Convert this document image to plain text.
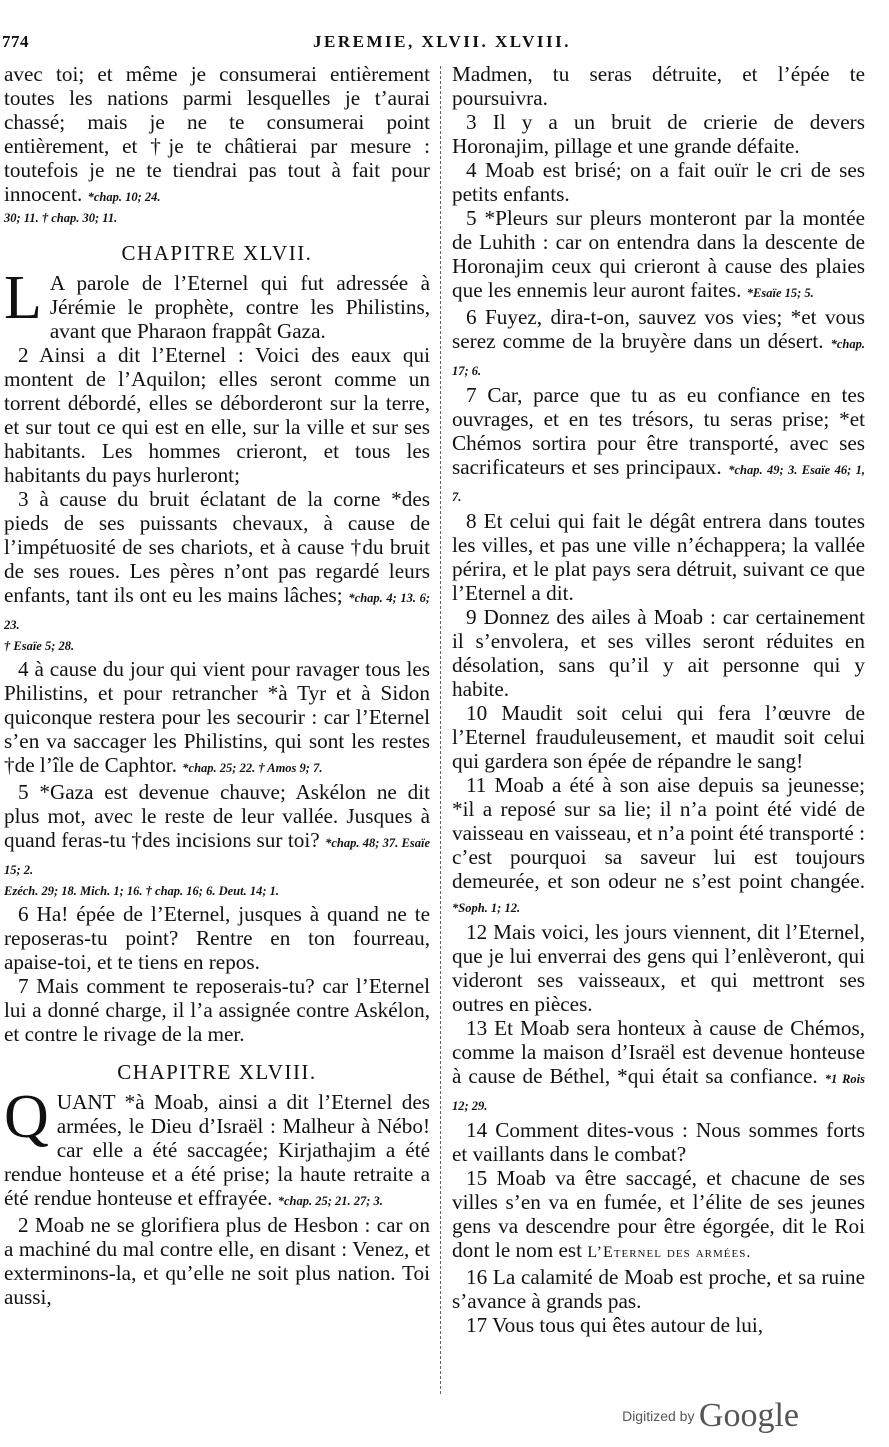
774	JEREMIE, XLVII. XLVIII.

avec toi; et même je consumerai entièrement toutes les nations parmi lesquelles je t’aurai chassé; mais je ne te consumerai point entièrement, et †je te châtierai par mesure : toutefois je ne te tiendrai pas tout à fait pour innocent. *chap. 10; 24.

30; 11. † chap. 30; 11.
CHAPITRE XLVII.

L A parole de l’Eternel qui fut adressée à Jérémie le prophète, contre les Philistins, avant que Pharaon frappât Gaza.

2 Ainsi a dit l’Eternel : Voici des eaux qui montent de l’Aquilon; elles seront comme un torrent débordé, elles se déborderont sur la terre, et sur tout ce qui est en elle, sur la ville et sur ses habitants. Les hommes crieront, et tous les habitants du pays hurleront;

3 à cause du bruit éclatant de la corne *des pieds de ses puissants chevaux, à cause de l’impétuosité de ses chariots, et à cause †du bruit de ses roues. Les pères n’ont pas regardé leurs enfants, tant ils ont eu les mains lâches; *chap. 4; 13. 6; 23.

† Esaïe 5; 28.

4 à cause du jour qui vient pour ravager tous les Philistins, et pour retrancher *à Tyr et à Sidon quiconque restera pour les secourir : car l’Eternel s’en va saccager les Philistins, qui sont les restes †de l’île de Caphtor. *chap. 25; 22. † Amos 9; 7.

5 *Gaza est devenue chauve; Askélon ne dit plus mot, avec le reste de leur vallée. Jusques à quand feras-tu †des incisions sur toi? *chap. 48; 37. Esaïe 15; 2.

Ezéch. 29; 18. Mich. 1; 16. † chap. 16; 6. Deut. 14; 1.

6 Ha! épée de l’Eternel, jusques à quand ne te reposeras-tu point? Rentre en ton fourreau, apaise-toi, et te tiens en repos.

7 Mais comment te reposerais-tu? car l’Eternel lui a donné charge, il l’a assignée contre Askélon, et contre le rivage de la mer.

CHAPITRE XLVIII.

QUANT *à Moab, ainsi a dit l’Eternel des armées, le Dieu d’Israël : Malheur à Nébo! car elle a été saccagée; Kirjathajim a été rendue honteuse et a été prise; la haute retraite a été rendue honteuse et effrayée. *chap. 25; 21. 27; 3.

2 Moab ne se glorifiera plus de Hesbon : car on a machiné du mal contre elle, en disant : Venez, et exterminons-la, et qu’elle ne soit plus nation. Toi aussi,

Madmen, tu seras détruite, et l’épée te poursuivra.

3 Il y a un bruit de crierie de devers Horonajim, pillage et une grande défaite.

4 Moab est brisé; on a fait ouïr le cri de ses petits enfants.

5 *Pleurs sur pleurs monteront par la montée de Luhith : car on entendra dans la descente de Horonajim ceux qui crieront à cause des plaies que les ennemis leur auront faites. *Esaïe 15; 5.

6 Fuyez, dira-t-on, sauvez vos vies; *et vous serez comme de la bruyère dans un désert. *chap. 17; 6.

7 Car, parce que tu as eu confiance en tes ouvrages, et en tes trésors, tu seras prise; *et Chémos sortira pour être transporté, avec ses sacrificateurs et ses principaux. *chap. 49; 3. Esaïe 46; 1, 7.

8 Et celui qui fait le dégât entrera dans toutes les villes, et pas une ville n’échappera; la vallée périra, et le plat pays sera détruit, suivant ce que l’Eternel a dit.

9 Donnez des ailes à Moab : car certainement il s’envolera, et ses villes seront réduites en désolation, sans qu’il y ait personne qui y habite.

10 Maudit soit celui qui fera l’œuvre de l’Eternel frauduleusement, et maudit soit celui qui gardera son épée de répandre le sang!

11 Moab a été à son aise depuis sa jeunesse; *il a reposé sur sa lie; il n’a point été vidé de vaisseau en vaisseau, et n’a point été transporté : c’est pourquoi sa saveur lui est toujours demeurée, et son odeur ne s’est point changée. *Soph. 1; 12.

12 Mais voici, les jours viennent, dit l’Eternel, que je lui enverrai des gens qui l’enlèveront, qui videront ses vaisseaux, et qui mettront ses outres en pièces.

13 Et Moab sera honteux à cause de Chémos, comme la maison d’Israël est devenue honteuse à cause de Béthel, *qui était sa confiance. *1 Rois 12; 29.

14 Comment dites-vous : Nous sommes forts et vaillants dans le combat?

15 Moab va être saccagé, et chacune de ses villes s’en va en fumée, et l’élite de ses jeunes gens va descendre pour être égorgée, dit le Roi dont le nom est L’Eternel des armées.

16 La calamité de Moab est proche, et sa ruine s’avance à grands pas.

17 Vous tous qui êtes autour de lui,

Digitized by Google
